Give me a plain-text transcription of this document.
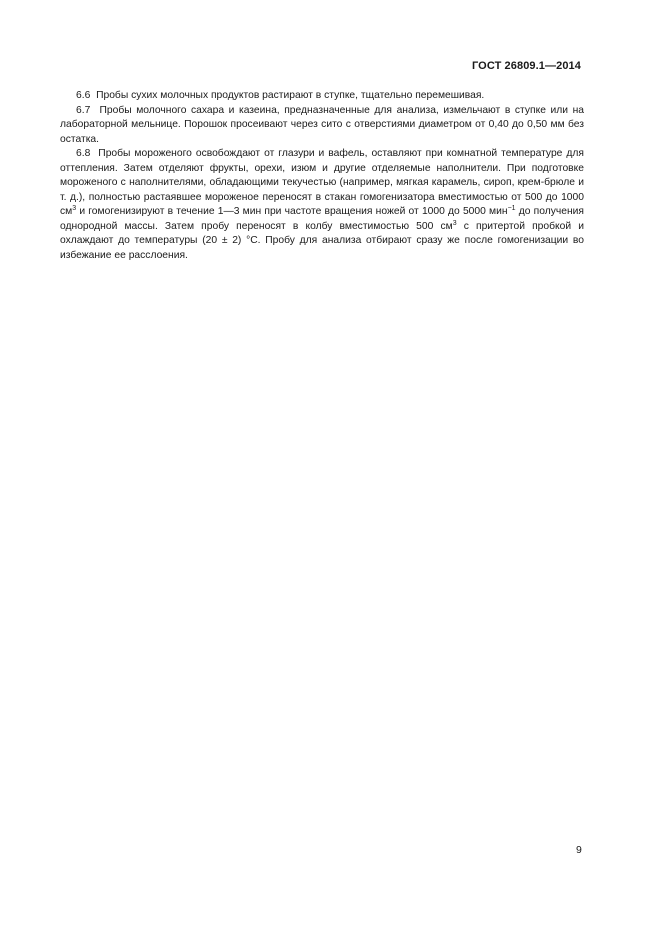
ГОСТ 26809.1—2014

6.6 Пробы сухих молочных продуктов растирают в ступке, тщательно перемешивая.

6.7 Пробы молочного сахара и казеина, предназначенные для анализа, измельчают в ступке или на лабораторной мельнице. Порошок просеивают через сито с отверстиями диаметром от 0,40 до 0,50 мм без остатка.

6.8 Пробы мороженого освобождают от глазури и вафель, оставляют при комнатной температуре для оттепления. Затем отделяют фрукты, орехи, изюм и другие отделяемые наполнители. При подготовке мороженого с наполнителями, обладающими текучестью (например, мягкая карамель, сироп, крем-брюле и т. д.), полностью растаявшее мороженое переносят в стакан гомогенизатора вместимостью от 500 до 1000 $см^3$ и гомогенизируют в течение 1—3 мин при частоте вращения ножей от 1000 до 5000 мин$^{-1}$ до получения однородной массы. Затем пробу переносят в колбу вместимостью 500 $см^3$ с притертой пробкой и охлаждают до температуры (20 ± 2) °С. Пробу для анализа отбирают сразу же после гомогенизации во избежание ее расслоения.

9
